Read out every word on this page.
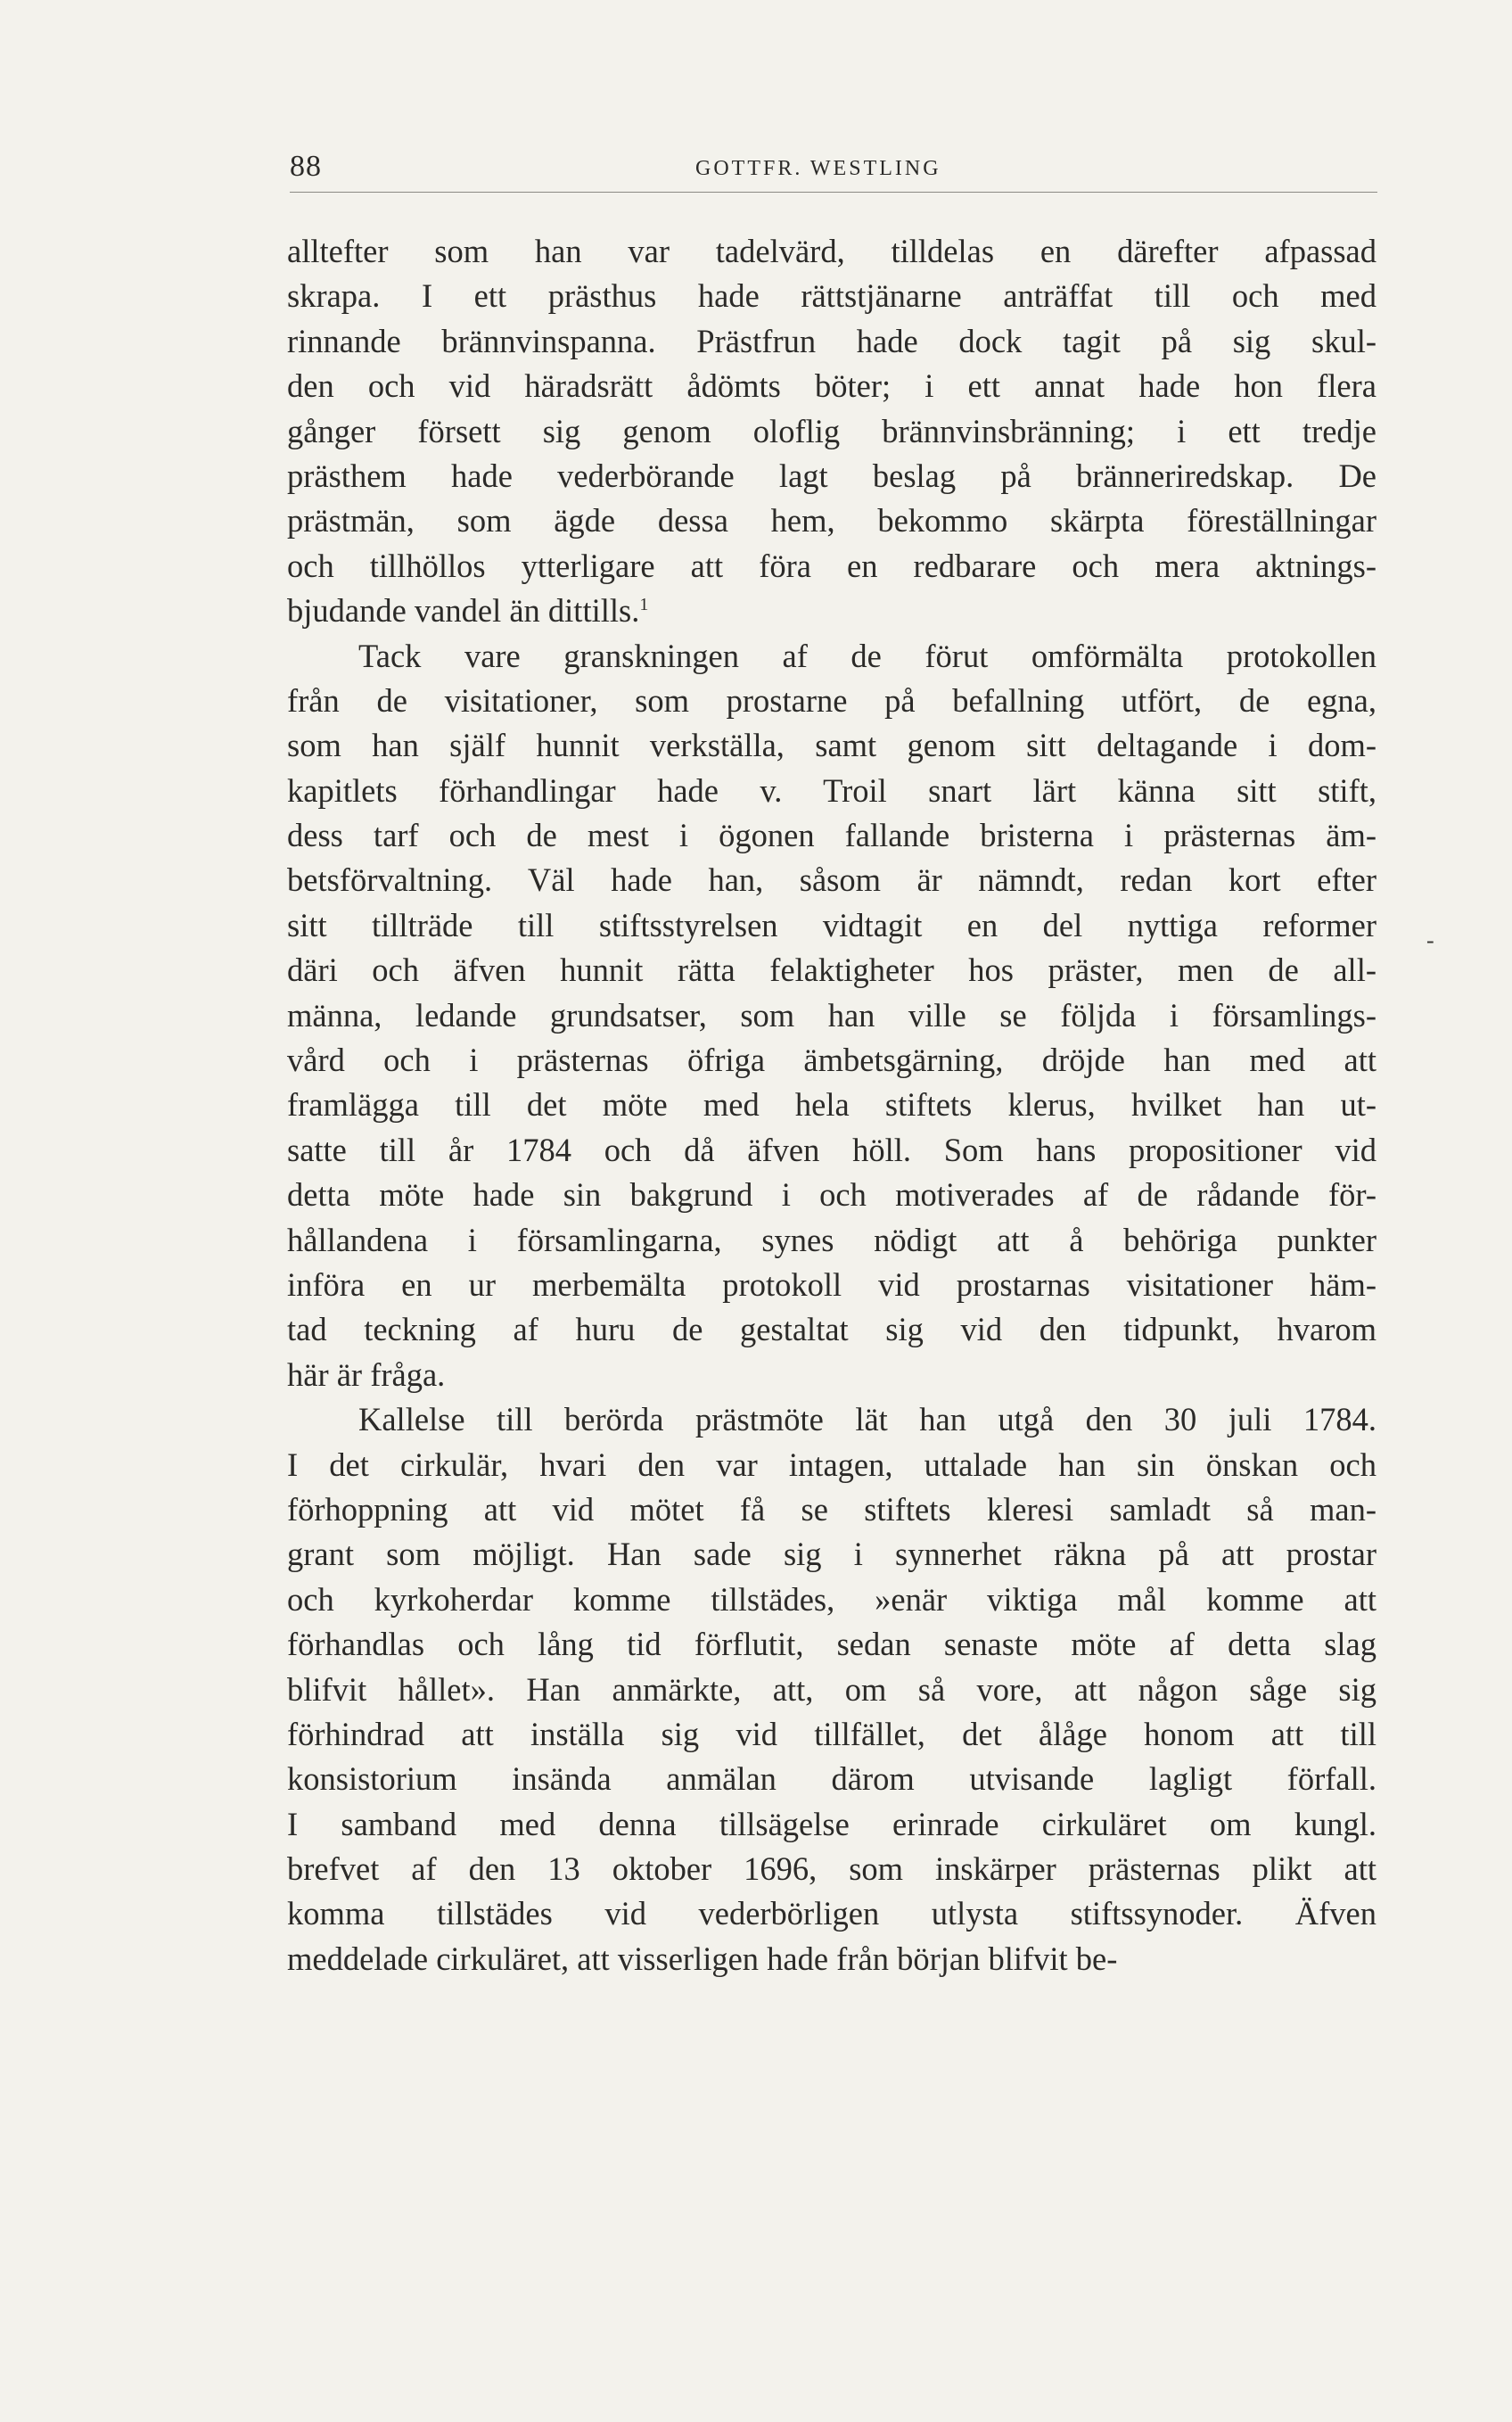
88	GOTTFR. WESTLING
alltefter som han var tadelvärd, tilldelas en därefter afpassad
skrapa. I ett prästhus hade rättstjänarne anträffat till och med
rinnande brännvinspanna. Prästfrun hade dock tagit på sig skul-
den och vid häradsrätt ådömts böter; i ett annat hade hon flera
gånger försett sig genom oloflig brännvinsbränning; i ett tredje
prästhem hade vederbörande lagt beslag på bränneriredskap. De
prästmän, som ägde dessa hem, bekommo skärpta föreställningar
och tillhöllos ytterligare att föra en redbarare och mera aktnings-
bjudande vandel än dittills.$^1$
Tack vare granskningen af de förut omförmälta protokollen
från de visitationer, som prostarne på befallning utfört, de egna,
som han själf hunnit verkställa, samt genom sitt deltagande i dom-
kapitlets förhandlingar hade v. Troil snart lärt känna sitt stift,
dess tarf och de mest i ögonen fallande bristerna i prästernas äm-
betsförvaltning. Väl hade han, såsom är nämndt, redan kort efter
sitt tillträde till stiftsstyrelsen vidtagit en del nyttiga reformer
däri och äfven hunnit rätta felaktigheter hos präster, men de all-
männa, ledande grundsatser, som han ville se följda i församlings-
vård och i prästernas öfriga ämbetsgärning, dröjde han med att
framlägga till det möte med hela stiftets klerus, hvilket han ut-
satte till år 1784 och då äfven höll. Som hans propositioner vid
detta möte hade sin bakgrund i och motiverades af de rådande för-
hållandena i församlingarna, synes nödigt att å behöriga punkter
införa en ur merbemälta protokoll vid prostarnas visitationer häm-
tad teckning af huru de gestaltat sig vid den tidpunkt, hvarom
här är fråga.
Kallelse till berörda prästmöte lät han utgå den 30 juli 1784.
I det cirkulär, hvari den var intagen, uttalade han sin önskan och
förhoppning att vid mötet få se stiftets kleresi samladt så man-
grant som möjligt. Han sade sig i synnerhet räkna på att prostar
och kyrkoherdar komme tillstädes, »enär viktiga mål komme att
förhandlas och lång tid förflutit, sedan senaste möte af detta slag
blifvit hållet». Han anmärkte, att, om så vore, att någon såge sig
förhindrad att inställa sig vid tillfället, det ålåge honom att till
konsistorium insända anmälan därom utvisande lagligt förfall.
I samband med denna tillsägelse erinrade cirkuläret om kungl.
brefvet af den 13 oktober 1696, som inskärper prästernas plikt att
komma tillstädes vid vederbörligen utlysta stiftssynoder. Äfven
meddelade cirkuläret, att visserligen hade från början blifvit be-
-
